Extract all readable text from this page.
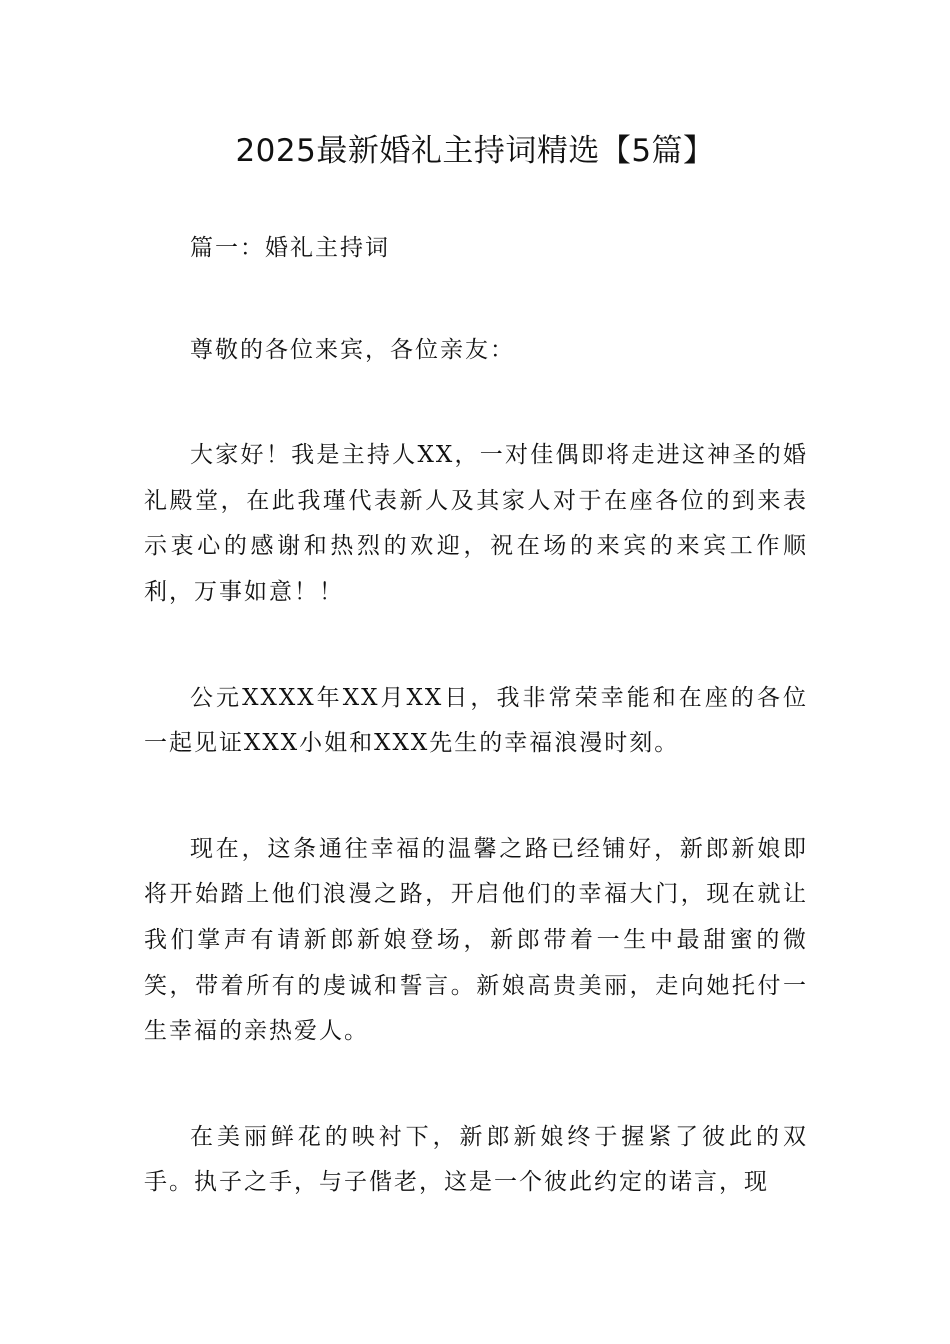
2025最新婚礼主持词精选【5篇】

篇一：婚礼主持词

尊敬的各位来宾，各位亲友：

大家好！我是主持人XX，一对佳偶即将走进这神圣的婚礼殿堂，在此我瑾代表新人及其家人对于在座各位的到来表示衷心的感谢和热烈的欢迎，祝在场的来宾的来宾工作顺利，万事如意！！

公元XXXX年XX月XX日，我非常荣幸能和在座的各位一起见证XXX小姐和XXX先生的幸福浪漫时刻。

现在，这条通往幸福的温馨之路已经铺好，新郎新娘即将开始踏上他们浪漫之路，开启他们的幸福大门，现在就让我们掌声有请新郎新娘登场，新郎带着一生中最甜蜜的微笑，带着所有的虔诚和誓言。新娘高贵美丽，走向她托付一生幸福的亲热爱人。

在美丽鲜花的映衬下，新郎新娘终于握紧了彼此的双手。执子之手，与子偕老，这是一个彼此约定的诺言，现
